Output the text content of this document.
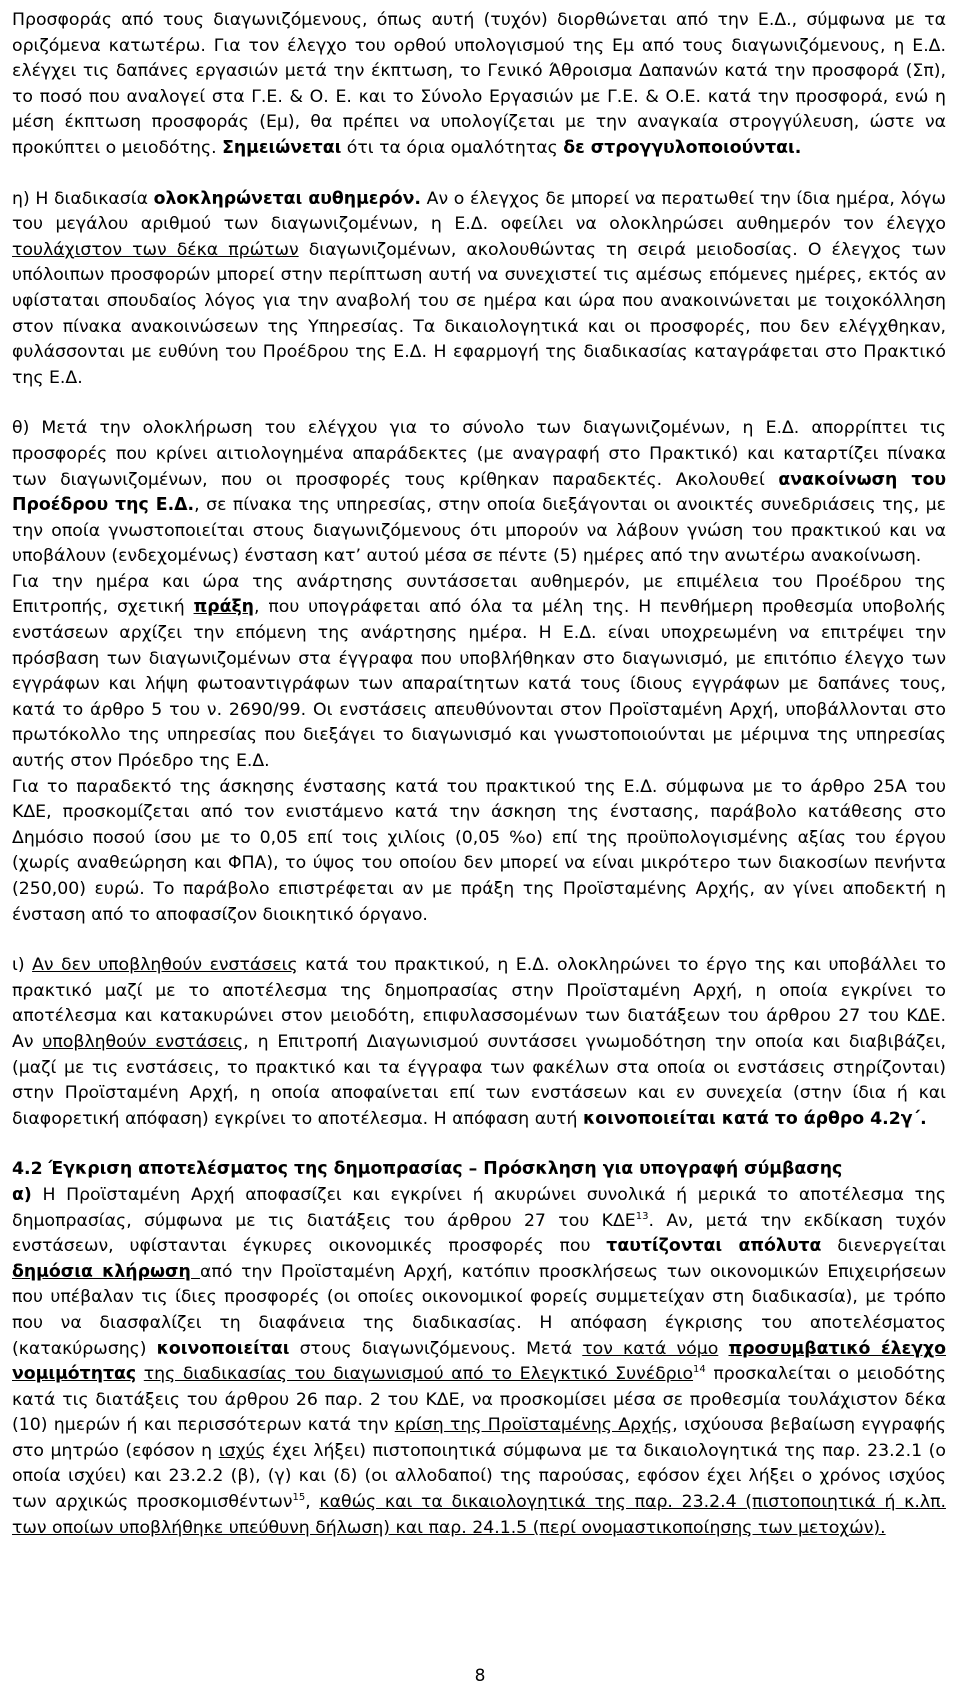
Προσφοράς από τους διαγωνιζόμενους, όπως αυτή (τυχόν) διορθώνεται από την Ε.Δ., σύμφωνα με τα οριζόμενα κατωτέρω. Για τον έλεγχο του ορθού υπολογισμού της Εμ από τους διαγωνιζόμενους, η Ε.Δ. ελέγχει τις δαπάνες εργασιών μετά την έκπτωση, το Γενικό Άθροισμα Δαπανών κατά την προσφορά (Σπ), το ποσό που αναλογεί στα Γ.Ε. & Ο. Ε. και το Σύνολο Εργασιών με Γ.Ε. & Ο.Ε. κατά την προσφορά, ενώ η μέση έκπτωση προσφοράς (Εμ), θα πρέπει να υπολογίζεται με την αναγκαία στρογγύλευση, ώστε να προκύπτει ο μειοδότης. Σημειώνεται ότι τα όρια ομαλότητας δε στρογγυλοποιούνται.

η) Η διαδικασία ολοκληρώνεται αυθημερόν. Αν ο έλεγχος δε μπορεί να περατωθεί την ίδια ημέρα, λόγω του μεγάλου αριθμού των διαγωνιζομένων, η Ε.Δ. οφείλει να ολοκληρώσει αυθημερόν τον έλεγχο τουλάχιστον των δέκα πρώτων διαγωνιζομένων, ακολουθώντας τη σειρά μειοδοσίας. Ο έλεγχος των υπόλοιπων προσφορών μπορεί στην περίπτωση αυτή να συνεχιστεί τις αμέσως επόμενες ημέρες, εκτός αν υφίσταται σπουδαίος λόγος για την αναβολή του σε ημέρα και ώρα που ανακοινώνεται με τοιχοκόλληση στον πίνακα ανακοινώσεων της Υπηρεσίας. Τα δικαιολογητικά και οι προσφορές, που δεν ελέγχθηκαν, φυλάσσονται με ευθύνη του Προέδρου της Ε.Δ. Η εφαρμογή της διαδικασίας καταγράφεται στο Πρακτικό της Ε.Δ.

θ) Μετά την ολοκλήρωση του ελέγχου για το σύνολο των διαγωνιζομένων, η Ε.Δ. απορρίπτει τις προσφορές που κρίνει αιτιολογημένα απαράδεκτες (με αναγραφή στο Πρακτικό) και καταρτίζει πίνακα των διαγωνιζομένων, που οι προσφορές τους κρίθηκαν παραδεκτές. Ακολουθεί ανακοίνωση του Προέδρου της Ε.Δ., σε πίνακα της υπηρεσίας, στην οποία διεξάγονται οι ανοικτές συνεδριάσεις της, με την οποία γνωστοποιείται στους διαγωνιζόμενους ότι μπορούν να λάβουν γνώση του πρακτικού και να υποβάλουν (ενδεχομένως) ένσταση κατ’ αυτού μέσα σε πέντε (5) ημέρες από την ανωτέρω ανακοίνωση.

Για την ημέρα και ώρα της ανάρτησης συντάσσεται αυθημερόν, με επιμέλεια του Προέδρου της Επιτροπής, σχετική πράξη, που υπογράφεται από όλα τα μέλη της. Η πενθήμερη προθεσμία υποβολής ενστάσεων αρχίζει την επόμενη της ανάρτησης ημέρα. Η Ε.Δ. είναι υποχρεωμένη να επιτρέψει την πρόσβαση των διαγωνιζομένων στα έγγραφα που υποβλήθηκαν στο διαγωνισμό, με επιτόπιο έλεγχο των εγγράφων και λήψη φωτοαντιγράφων των απαραίτητων κατά τους ίδιους εγγράφων με δαπάνες τους, κατά το άρθρο 5 του ν. 2690/99. Οι ενστάσεις απευθύνονται στον Προϊσταμένη Αρχή, υποβάλλονται στο πρωτόκολλο της υπηρεσίας που διεξάγει το διαγωνισμό και γνωστοποιούνται με μέριμνα της υπηρεσίας αυτής στον Πρόεδρο της Ε.Δ.

Για το παραδεκτό της άσκησης ένστασης κατά του πρακτικού της Ε.Δ. σύμφωνα με το άρθρο 25Α του ΚΔΕ, προσκομίζεται από τον ενιστάμενο κατά την άσκηση της ένστασης, παράβολο κατάθεσης στο Δημόσιο ποσού ίσου με το 0,05 επί τοις χιλίοις (0,05 %o) επί της προϋπολογισμένης αξίας του έργου (χωρίς αναθεώρηση και ΦΠΑ), το ύψος του οποίου δεν μπορεί να είναι μικρότερο των διακοσίων πενήντα (250,00) ευρώ. Το παράβολο επιστρέφεται αν με πράξη της Προϊσταμένης Αρχής, αν γίνει αποδεκτή η ένσταση από το αποφασίζον διοικητικό όργανο.

ι) Αν δεν υποβληθούν ενστάσεις κατά του πρακτικού, η Ε.Δ. ολοκληρώνει το έργο της και υποβάλλει το πρακτικό μαζί με το αποτέλεσμα της δημοπρασίας στην Προϊσταμένη Αρχή, η οποία εγκρίνει το αποτέλεσμα και κατακυρώνει στον μειοδότη, επιφυλασσομένων των διατάξεων του άρθρου 27 του ΚΔΕ. Αν υποβληθούν ενστάσεις, η Επιτροπή Διαγωνισμού συντάσσει γνωμοδότηση την οποία και διαβιβάζει, (μαζί με τις ενστάσεις, το πρακτικό και τα έγγραφα των φακέλων στα οποία οι ενστάσεις στηρίζονται) στην Προϊσταμένη Αρχή, η οποία αποφαίνεται επί των ενστάσεων και εν συνεχεία (στην ίδια ή και διαφορετική απόφαση) εγκρίνει το αποτέλεσμα. Η απόφαση αυτή κοινοποιείται κατά το άρθρο 4.2γ΄.

4.2 Έγκριση αποτελέσματος της δημοπρασίας – Πρόσκληση για υπογραφή σύμβασης

α) Η Προϊσταμένη Αρχή αποφασίζει και εγκρίνει ή ακυρώνει συνολικά ή μερικά το αποτέλεσμα της δημοπρασίας, σύμφωνα με τις διατάξεις του άρθρου 27 του ΚΔΕ$^{13}$. Αν, μετά την εκδίκαση τυχόν ενστάσεων, υφίστανται έγκυρες οικονομικές προσφορές που ταυτίζονται απόλυτα διενεργείται δημόσια κλήρωση από την Προϊσταμένη Αρχή, κατόπιν προσκλήσεως των οικονομικών Επιχειρήσεων που υπέβαλαν τις ίδιες προσφορές (οι οποίες οικονομικοί φορείς συμμετείχαν στη διαδικασία), με τρόπο που να διασφαλίζει τη διαφάνεια της διαδικασίας. Η απόφαση έγκρισης του αποτελέσματος (κατακύρωσης) κοινοποιείται στους διαγωνιζόμενους. Μετά τον κατά νόμο προσυμβατικό έλεγχο νομιμότητας της διαδικασίας του διαγωνισμού από το Ελεγκτικό Συνέδριο$^{14}$ προσκαλείται ο μειοδότης κατά τις διατάξεις του άρθρου 26 παρ. 2 του ΚΔΕ, να προσκομίσει μέσα σε προθεσμία τουλάχιστον δέκα (10) ημερών ή και περισσότερων κατά την κρίση της Προϊσταμένης Αρχής, ισχύουσα βεβαίωση εγγραφής στο μητρώο (εφόσον η ισχύς έχει λήξει) πιστοποιητικά σύμφωνα με τα δικαιολογητικά της παρ. 23.2.1 (ο οποία ισχύει) και 23.2.2 (β), (γ) και (δ) (οι αλλοδαποί) της παρούσας, εφόσον έχει λήξει ο χρόνος ισχύος των αρχικώς προσκομισθέντων$^{15}$, καθώς και τα δικαιολογητικά της παρ. 23.2.4 (πιστοποιητικά ή κ.λπ. των οποίων υποβλήθηκε υπεύθυνη δήλωση) και παρ. 24.1.5 (περί ονομαστικοποίησης των μετοχών).

8
